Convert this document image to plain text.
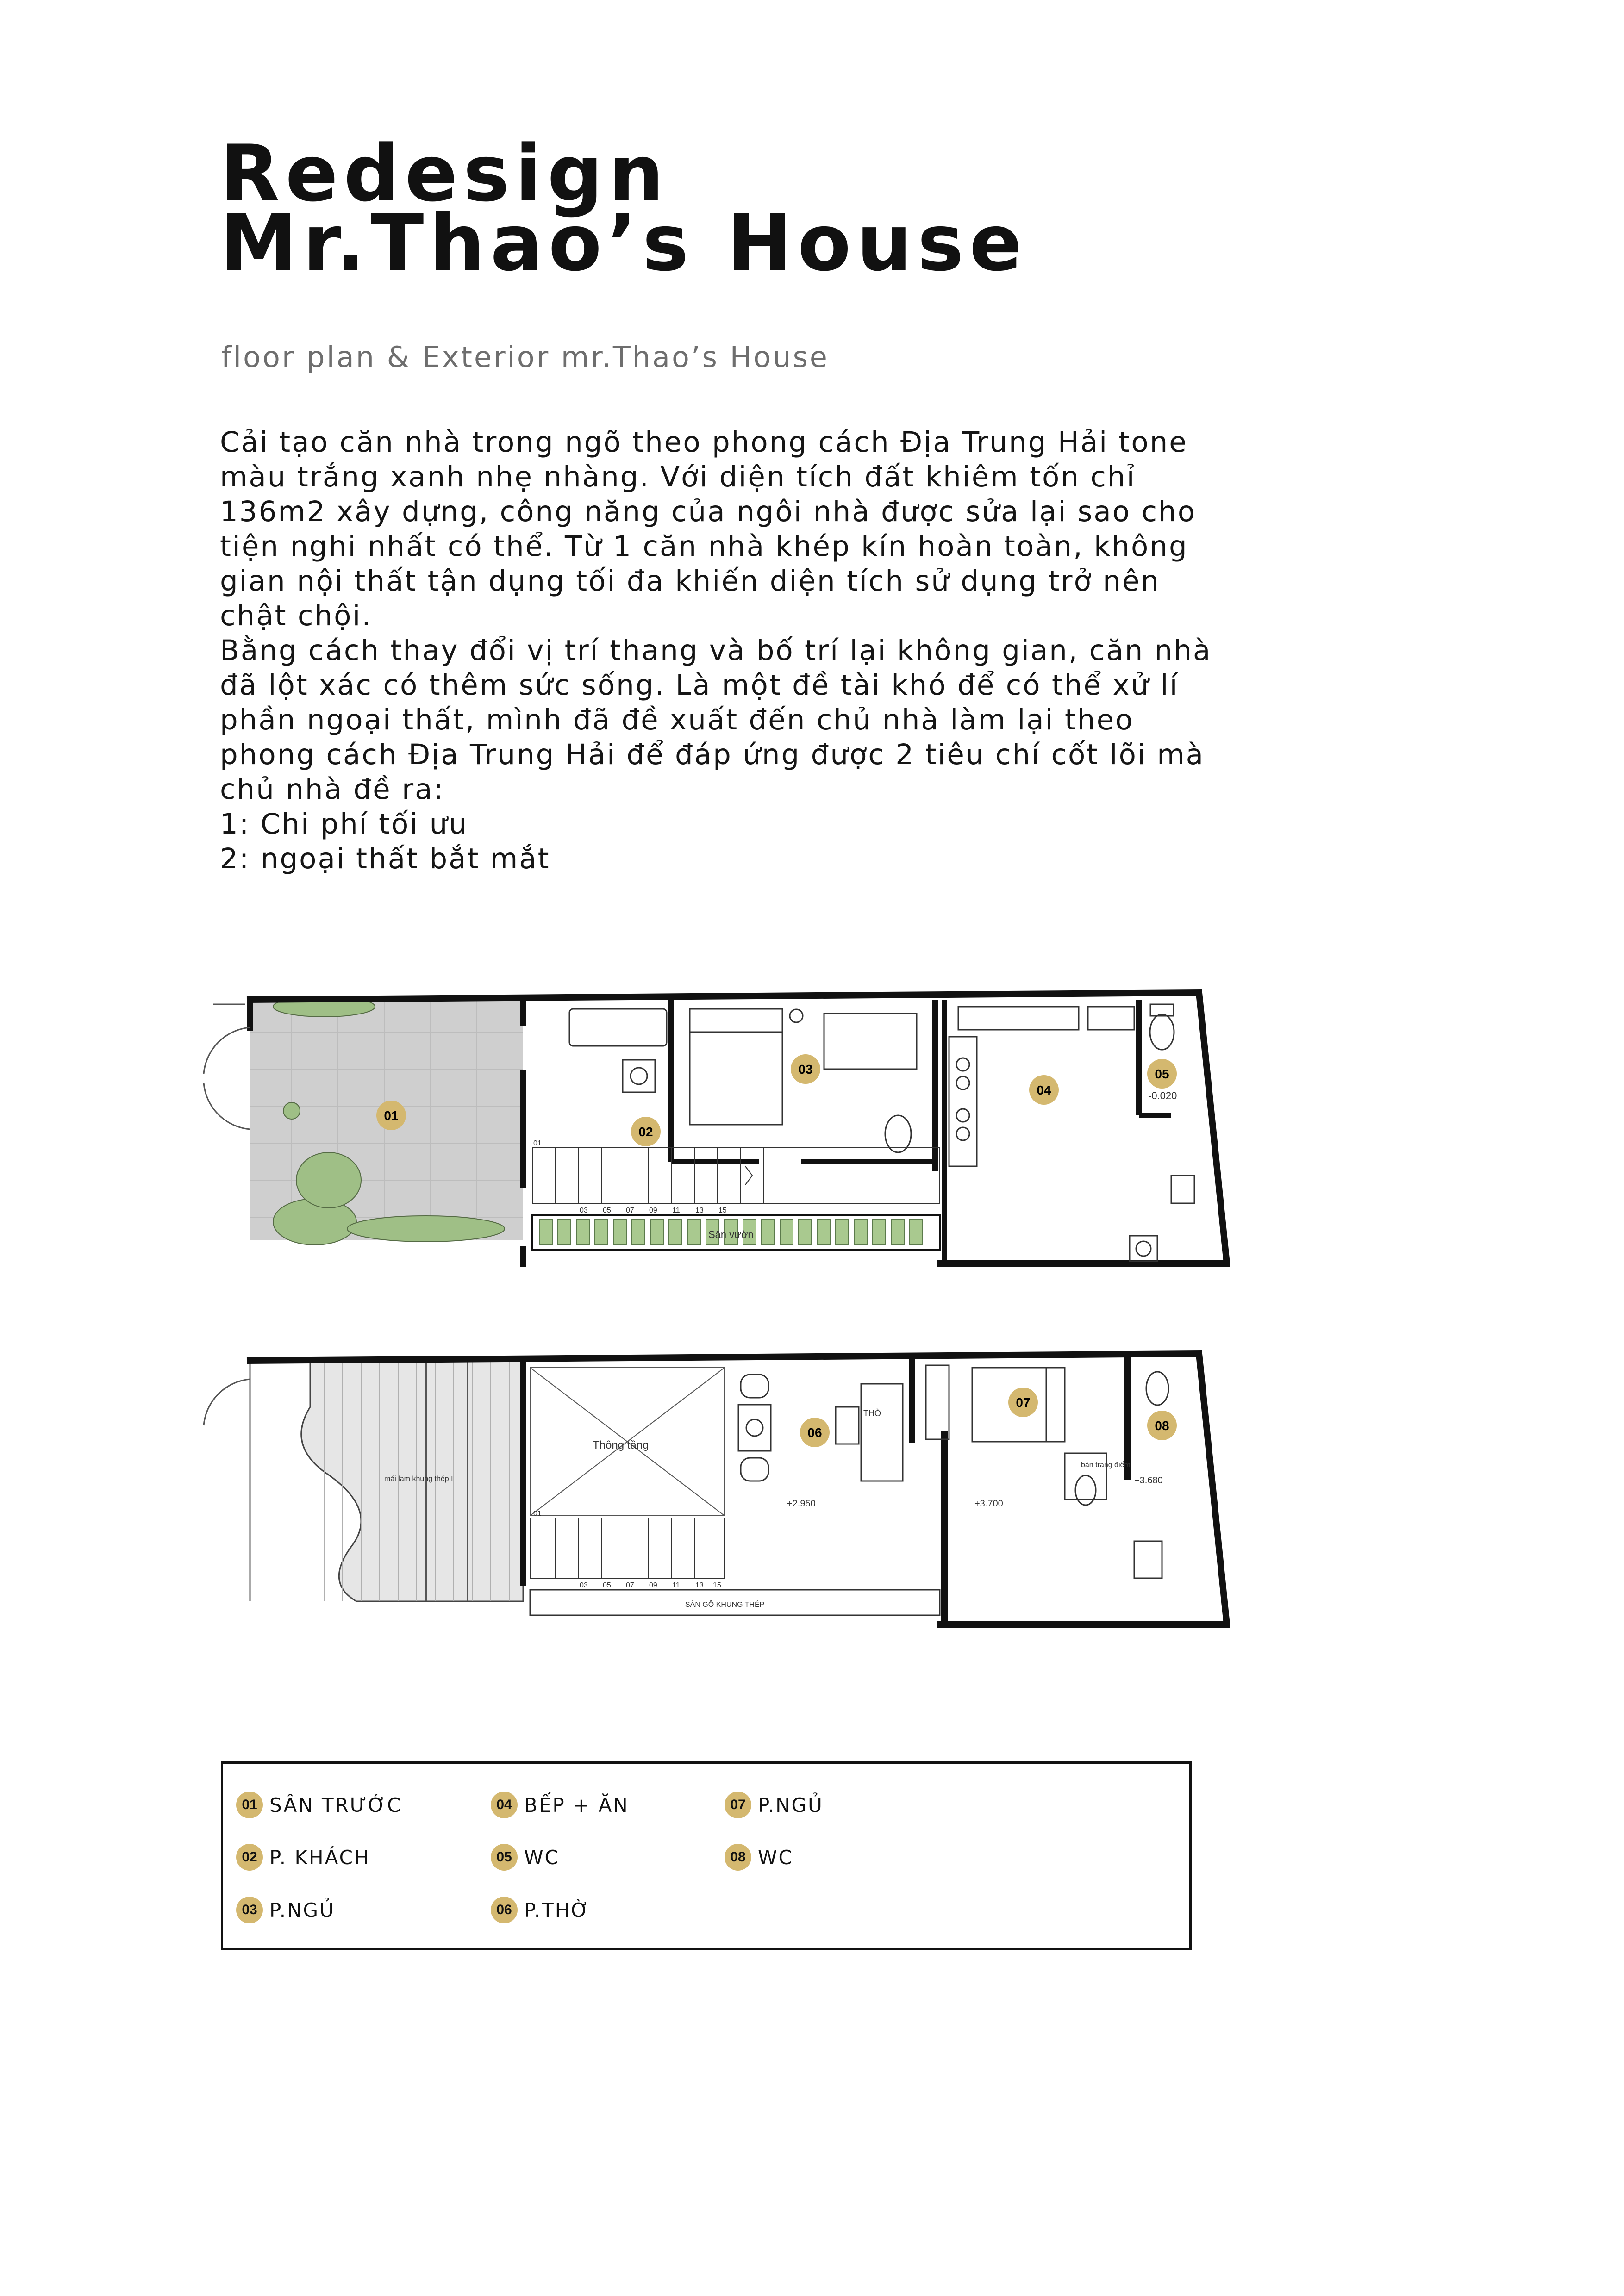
Redesign
Mr.Thao’s House
floor plan & Exterior mr.Thao’s House

Cải tạo căn nhà trong ngõ theo phong cách Địa Trung Hải tone

màu trắng xanh nhẹ nhàng. Với diện tích đất khiêm tốn chỉ

136m2 xây dựng, công năng của ngôi nhà được sửa lại sao cho

tiện nghi nhất có thể. Từ 1 căn nhà khép kín hoàn toàn, không

gian nội thất tận dụng tối đa khiến diện tích sử dụng trở nên

chật chội.

Bằng cách thay đổi vị trí thang và bố trí lại không gian, căn nhà

đã lột xác có thêm sức sống. Là một đề tài khó để có thể xử lí

phần ngoại thất, mình đã đề xuất đến chủ nhà làm lại theo

phong cách Địa Trung Hải để đáp ứng được 2 tiêu chí cốt lõi mà

chủ nhà đề ra:

1: Chi phí tối ưu

2: ngoại thất bắt mắt

Sân vườn
01
03 05 07 09 11 13 15
-0.020
01
02
03
04
05
mái lam khung thép I
Thông tầng
01
03 05 07 09 11 13 15
THỜ
bàn trang điểm
+2.950	+3.700
+3.680
SÀN GỖ KHUNG THÉP
06
07
08
01 SÂN TRƯỚC
02 P. KHÁCH
03 P.NGỦ
04 BẾP + ĂN
05 WC
06 P.THỜ
07 P.NGỦ
08 WC
